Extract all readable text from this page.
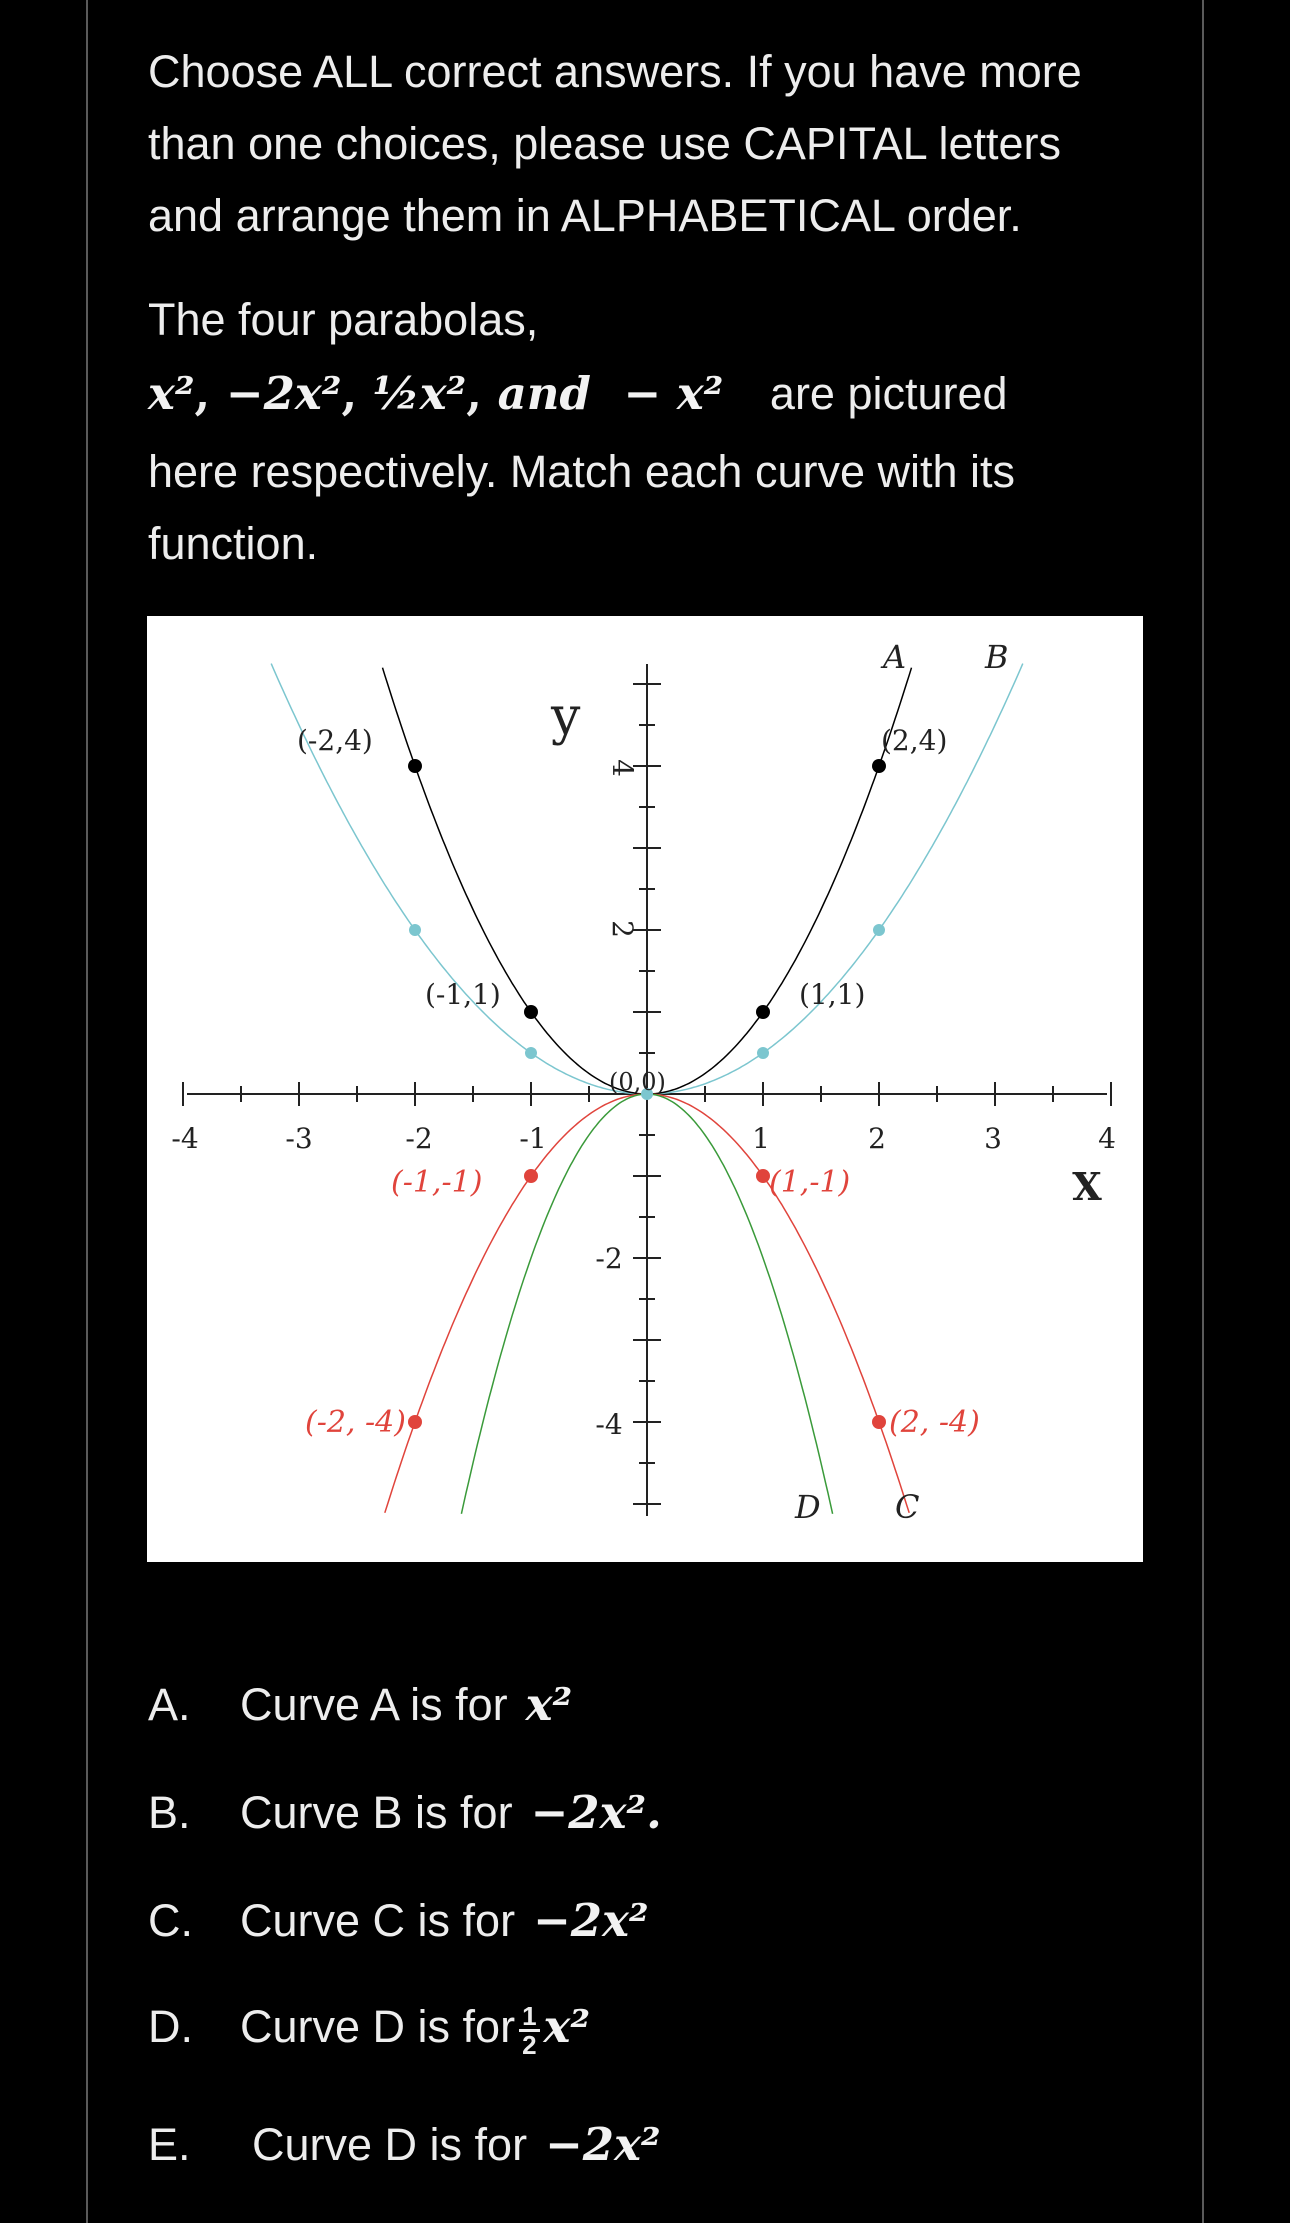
Choose ALL correct answers. If you have more than one choices, please use CAPITAL letters and arrange them in ALPHABETICAL order.
The four parabolas,
x², −2x², ½x², and − x² are pictured
here respectively. Match each curve with its
function.
-4	-3	-2	-1	1	2	3	4
4
2
-2
-4
y
X
A B
C
D
(-2,4)	(2,4)
(-1,1)	(1,1)
(0,0)
(-1,-1)	(1,-1)
(-2, -4)	(2, -4)
A. Curve A is for x²
B. Curve B is for −2x².
C. Curve C is for −2x²
D. Curve D is for $\frac{1}{2} x^2$
E. Curve D is for −2x²
